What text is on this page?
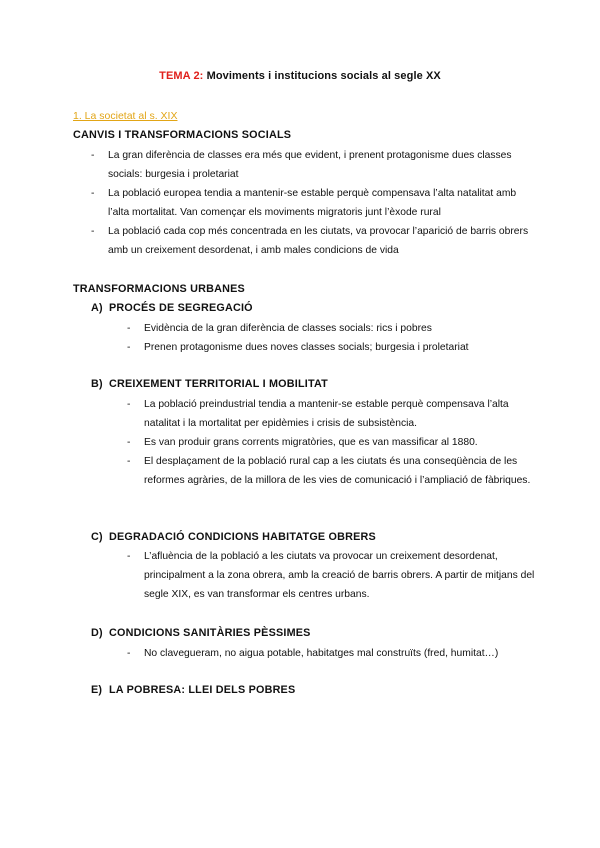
TEMA 2: Moviments i institucions socials al segle XX
1. La societat al s. XIX
CANVIS I TRANSFORMACIONS SOCIALS
- La gran diferència de classes era més que evident, i prenent protagonisme dues classes socials: burgesia i proletariat
- La població europea tendia a mantenir-se estable perquè compensava l’alta natalitat amb l’alta mortalitat. Van començar els moviments migratoris junt l’èxode rural
- La població cada cop més concentrada en les ciutats, va provocar l’aparició de barris obrers amb un creixement desordenat, i amb males condicions de vida
TRANSFORMACIONS URBANES
A) PROCÉS DE SEGREGACIÓ
- Evidència de la gran diferència de classes socials: rics i pobres
- Prenen protagonisme dues noves classes socials; burgesia i proletariat
B) CREIXEMENT TERRITORIAL I MOBILITAT
- La població preindustrial tendia a mantenir-se estable perquè compensava l’alta natalitat i la mortalitat per epidèmies i crisis de subsistència.
- Es van produir grans corrents migratòries, que es van massificar al 1880.
- El desplaçament de la població rural cap a les ciutats és una conseqüència de les reformes agràries, de la millora de les vies de comunicació i l’ampliació de fàbriques.
C) DEGRADACIÓ CONDICIONS HABITATGE OBRERS
- L’afluència de la població a les ciutats va provocar un creixement desordenat, principalment a la zona obrera, amb la creació de barris obrers. A partir de mitjans del segle XIX, es van transformar els centres urbans.
D) CONDICIONS SANITÀRIES PÈSSIMES
- No clavegueram, no aigua potable, habitatges mal construïts (fred, humitat…)
E) LA POBRESA: LLEI DELS POBRES
